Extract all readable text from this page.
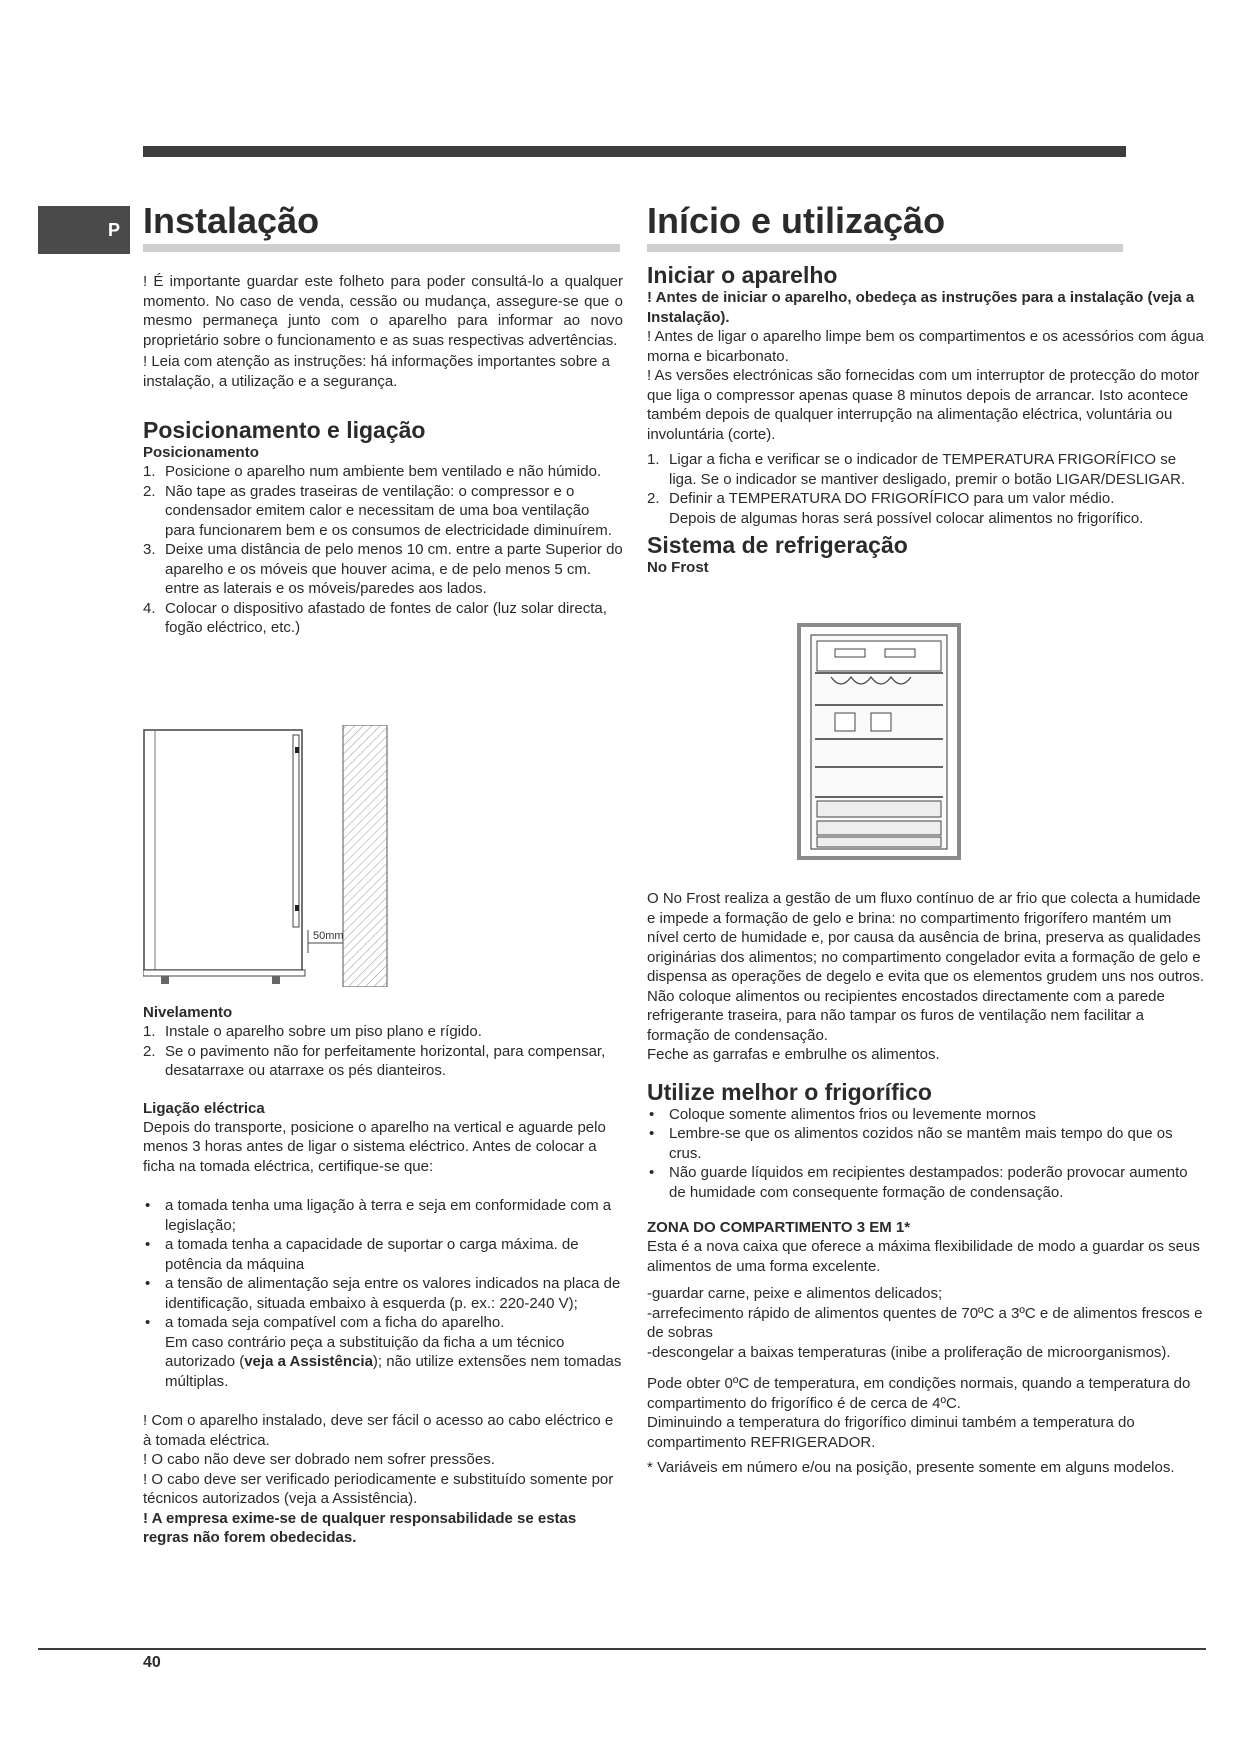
P Instalação

! É importante guardar este folheto para poder consultá-lo a qualquer momento. No caso de venda, cessão ou mudança, assegure-se que o mesmo permaneça junto com o aparelho para informar ao novo proprietário sobre o funcionamento e as suas respectivas advertências.

! Leia com atenção as instruções: há informações importantes sobre a instalação, a utilização e a segurança.

Posicionamento e ligação
Posicionamento
1. Posicione o aparelho num ambiente bem ventilado e não húmido.
2. Não tape as grades traseiras de ventilação: o compressor e o condensador emitem calor e necessitam de uma boa ventilação para funcionarem bem e os consumos de electricidade diminuírem.
3. Deixe uma distância de pelo menos 10 cm. entre a parte Superior do aparelho e os móveis que houver acima, e de pelo menos 5 cm. entre as laterais e os móveis/paredes aos lados.
4. Colocar o dispositivo afastado de fontes de calor (luz solar directa, fogão eléctrico, etc.)
50mm
Nivelamento
1. Instale o aparelho sobre um piso plano e rígido.
2. Se o pavimento não for perfeitamente horizontal, para compensar, desatarraxe ou atarraxe os pés dianteiros.
Ligação eléctrica

Depois do transporte, posicione o aparelho na vertical e aguarde pelo menos 3 horas antes de ligar o sistema eléctrico. Antes de colocar a ficha na tomada eléctrica, certifique-se que:

• a tomada tenha uma ligação à terra e seja em conformidade com a legislação;
• a tomada tenha a capacidade de suportar o carga máxima. de potência da máquina
• a tensão de alimentação seja entre os valores indicados na placa de identificação, situada embaixo à esquerda (p. ex.: 220-240 V);
• a tomada seja compatível com a ficha do aparelho.
Em caso contrário peça a substituição da ficha a um técnico autorizado (veja a Assistência); não utilize extensões nem tomadas múltiplas.

! Com o aparelho instalado, deve ser fácil o acesso ao cabo eléctrico e à tomada eléctrica.

! O cabo não deve ser dobrado nem sofrer pressões.

! O cabo deve ser verificado periodicamente e substituído somente por técnicos autorizados (veja a Assistência).

! A empresa exime-se de qualquer responsabilidade se estas regras não forem obedecidas.

Início e utilização
Iniciar o aparelho

! Antes de iniciar o aparelho, obedeça as instruções para a instalação (veja a Instalação).

! Antes de ligar o aparelho limpe bem os compartimentos e os acessórios com água morna e bicarbonato.

! As versões electrónicas são fornecidas com um interruptor de protecção do motor que liga o compressor apenas quase 8 minutos depois de arrancar. Isto acontece também depois de qualquer interrupção na alimentação eléctrica, voluntária ou involuntária (corte).

1. Ligar a ficha e verificar se o indicador de TEMPERATURA FRIGORÍFICO se liga. Se o indicador se mantiver desligado, premir o botão LIGAR/DESLIGAR.
2. Definir a TEMPERATURA DO FRIGORÍFICO para um valor médio.
Depois de algumas horas será possível colocar alimentos no frigorífico.
Sistema de refrigeração
No Frost

O No Frost realiza a gestão de um fluxo contínuo de ar frio que colecta a humidade e impede a formação de gelo e brina: no compartimento frigorífero mantém um nível certo de humidade e, por causa da ausência de brina, preserva as qualidades originárias dos alimentos; no compartimento congelador evita a formação de gelo e dispensa as operações de degelo e evita que os elementos grudem uns nos outros.

Não coloque alimentos ou recipientes encostados directamente com a parede refrigerante traseira, para não tampar os furos de ventilação nem facilitar a formação de condensação.

Feche as garrafas e embrulhe os alimentos.

Utilize melhor o frigorífico
• Coloque somente alimentos frios ou levemente mornos
• Lembre-se que os alimentos cozidos não se mantêm mais tempo do que os crus.
• Não guarde líquidos em recipientes destampados: poderão provocar aumento de humidade com consequente formação de condensação.
ZONA DO COMPARTIMENTO 3 EM 1*

Esta é a nova caixa que oferece a máxima flexibilidade de modo a guardar os seus alimentos de uma forma excelente.

-guardar carne, peixe e alimentos delicados;

-arrefecimento rápido de alimentos quentes de 70ºC a 3ºC e de alimentos frescos e de sobras

-descongelar a baixas temperaturas (inibe a proliferação de microorganismos).

Pode obter 0ºC de temperatura, em condições normais, quando a temperatura do compartimento do frigorífico é de cerca de 4ºC.

Diminuindo a temperatura do frigorífico diminui também a temperatura do compartimento REFRIGERADOR.

* Variáveis em número e/ou na posição, presente somente em alguns modelos.

40
